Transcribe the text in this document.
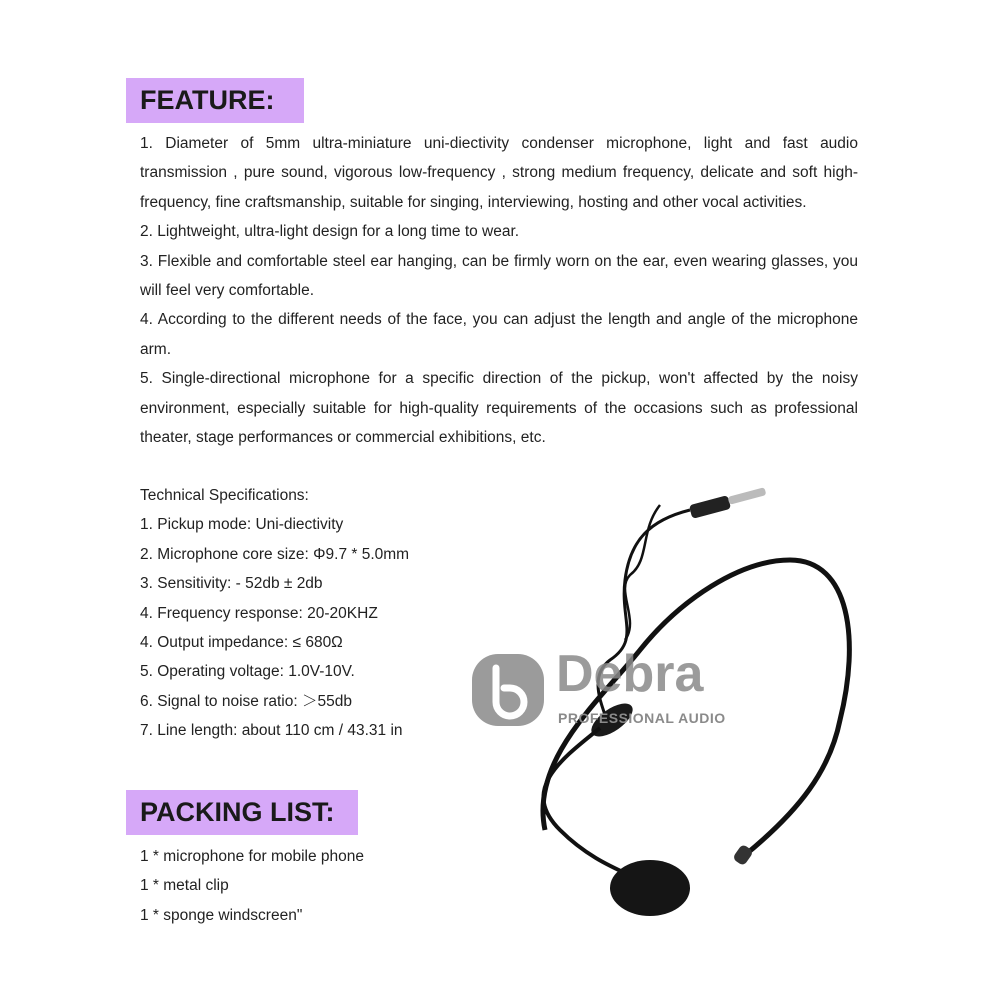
FEATURE:

1. Diameter of 5mm ultra-miniature uni-diectivity condenser microphone, light and fast audio transmission , pure sound, vigorous low-frequency , strong medium frequency, delicate and soft high-frequency, fine craftsmanship, suitable for singing, interviewing, hosting and other vocal activities.

2. Lightweight, ultra-light design for a long time to wear.

3. Flexible and comfortable steel ear hanging, can be firmly worn on the ear, even wearing glasses, you will feel very comfortable.

4. According to the different needs of the face, you can adjust the length and angle of the microphone arm.

5. Single-directional microphone for a specific direction of the pickup, won't affected by the noisy environment, especially suitable for high-quality requirements of the occasions such as professional theater, stage performances or commercial exhibitions, etc.

Technical Specifications:
1. Pickup mode: Uni-diectivity
2. Microphone core size: Φ9.7 * 5.0mm
3. Sensitivity: - 52db ± 2db
4. Frequency response: 20-20KHZ
4. Output impedance: ≤ 680Ω
5. Operating voltage: 1.0V-10V.
6. Signal to noise ratio: ＞55db
7. Line length: about 110 cm / 43.31 in
PACKING LIST:
1 * microphone for mobile phone
1 * metal clip
1 * sponge windscreen"
Debra
PROFESSIONAL AUDIO
